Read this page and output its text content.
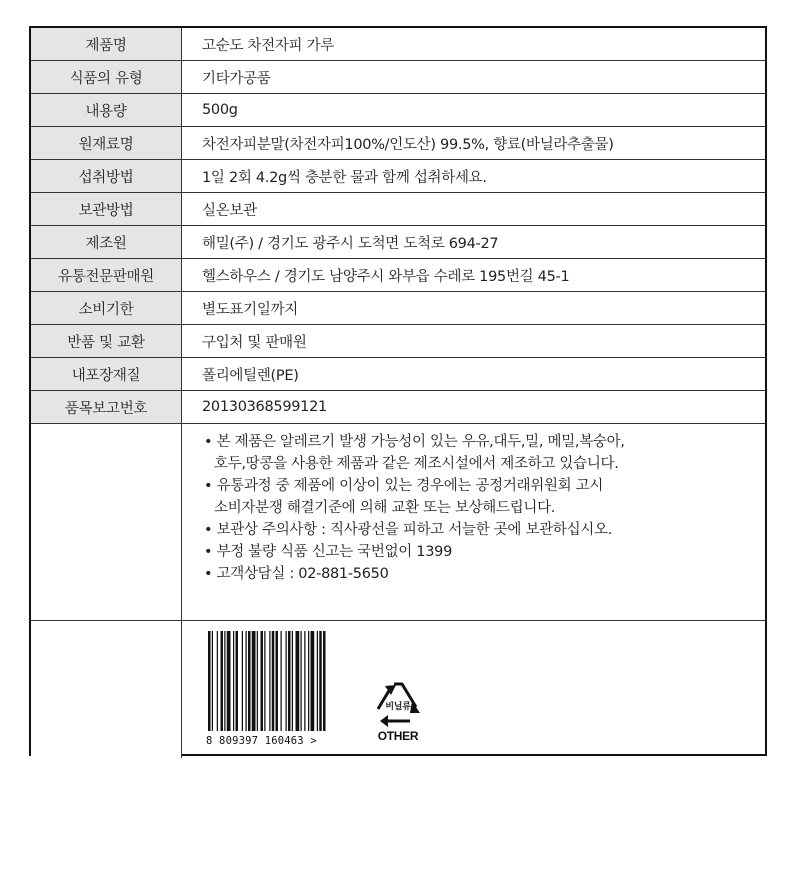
제품명	고순도 차전자피 가루
식품의 유형	기타가공품
내용량	500g
원재료명	차전자피분말(차전자피100%/인도산) 99.5%, 향료(바닐라추출물)
섭취방법	1일 2회 4.2g씩 충분한 물과 함께 섭취하세요.
보관방법	실온보관
제조원	해밀(주) / 경기도 광주시 도척면 도척로 694-27
유통전문판매원	헬스하우스 / 경기도 남양주시 와부읍 수레로 195번길 45-1
소비기한	별도표기일까지
반품 및 교환	구입처 및 판매원
내포장재질	폴리에틸렌(PE)
품목보고번호	20130368599121
• 본 제품은 알레르기 발생 가능성이 있는 우유,대두,밀, 메밀,복숭아,
호두,땅콩을 사용한 제품과 같은 제조시설에서 제조하고 있습니다.
• 유통과정 중 제품에 이상이 있는 경우에는 공정거래위원회 고시
소비자분쟁 해결기준에 의해 교환 또는 보상해드립니다.
• 보관상 주의사항 : 직사광선을 피하고 서늘한 곳에 보관하십시오.
• 부정 불량 식품 신고는 국번없이 1399
• 고객상담실 : 02-881-5650
8 809397 160463 >
비닐류
OTHER
